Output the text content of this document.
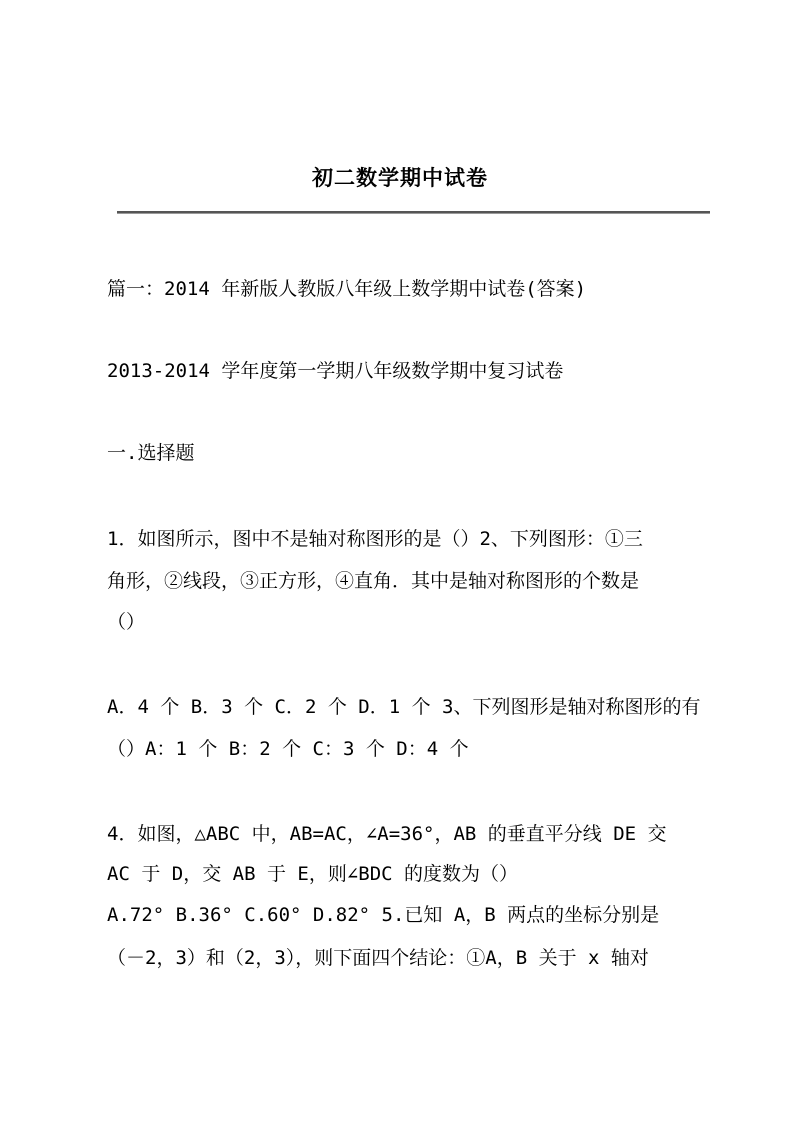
初二数学期中试卷
篇一：2014 年新版人教版八年级上数学期中试卷(答案)
2013-2014 学年度第一学期八年级数学期中复习试卷
一.选择题
1．如图所示，图中不是轴对称图形的是（）2、下列图形：①三
角形，②线段，③正方形，④直角．其中是轴对称图形的个数是
（）
A．4 个 B．3 个 C．2 个 D．1 个 3、下列图形是轴对称图形的有
（）A：1 个 B：2 个 C：3 个 D：4 个
4．如图，△ABC 中，AB=AC，∠A=36°，AB 的垂直平分线 DE 交
AC 于 D，交 AB 于 E，则∠BDC 的度数为（）
A.72° B.36° C.60° D.82° 5.已知 A，B 两点的坐标分别是
（－2，3）和（2，3），则下面四个结论：①A，B 关于 x 轴对
